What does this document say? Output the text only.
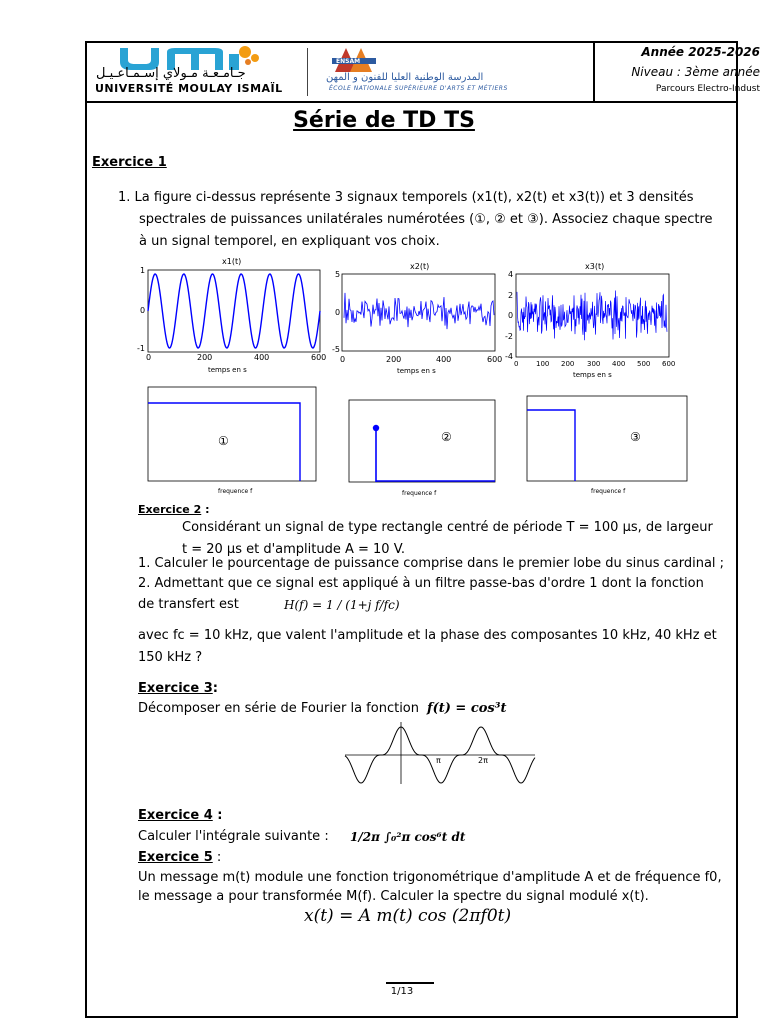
جـامـعـة مـولاي إسـمـاعـيـل
UNIVERSITÉ MOULAY ISMAÏL
ENSAM
المدرسة الوطنية العليا للفنون و المهن
ÉCOLE NATIONALE SUPÉRIEURE D'ARTS ET MÉTIERS
Année 2025-2026
Niveau : 3ème année
Parcours Electro-Indust
Série de TD TS
Exercice 1
1. La figure ci-dessus représente 3 signaux temporels (x1(t), x2(t) et x3(t)) et 3 densités
spectrales de puissances unilatérales numérotées (①, ② et ③). Associez chaque spectre
à un signal temporel, en expliquant vos choix.
x1(t)
1
0
-1
0	200	400	600
temps en s
x2(t)
5
0
-5
0	200	400	600
temps en s
x3(t)
4
2
0
-2
-4
0	100 200 300 400 500 600
temps en s
①
frequence f
②
frequence f
③
frequence f
Exercice 2 :
Considérant un signal de type rectangle centré de période T = 100 µs, de largeur
t = 20 µs et d'amplitude A = 10 V.
1. Calculer le pourcentage de puissance comprise dans le premier lobe du sinus cardinal ;
2. Admettant que ce signal est appliqué à un filtre passe-bas d'ordre 1 dont la fonction
de transfert est	H(f) = 1 / (1+j f/fc)
avec fc = 10 kHz, que valent l'amplitude et la phase des composantes 10 kHz, 40 kHz et
150 kHz ?
Exercice 3:
Décomposer en série de Fourier la fonction f(t) = cos³t
π	2π
Exercice 4 :
Calculer l'intégrale suivante : 1/2π ∫₀²π cos⁶t dt
Exercice 5 :
Un message m(t) module une fonction trigonométrique d'amplitude A et de fréquence f0,
le message a pour transformée M(f). Calculer la spectre du signal modulé x(t).
x(t) = A m(t) cos (2πf0t)
1/13
